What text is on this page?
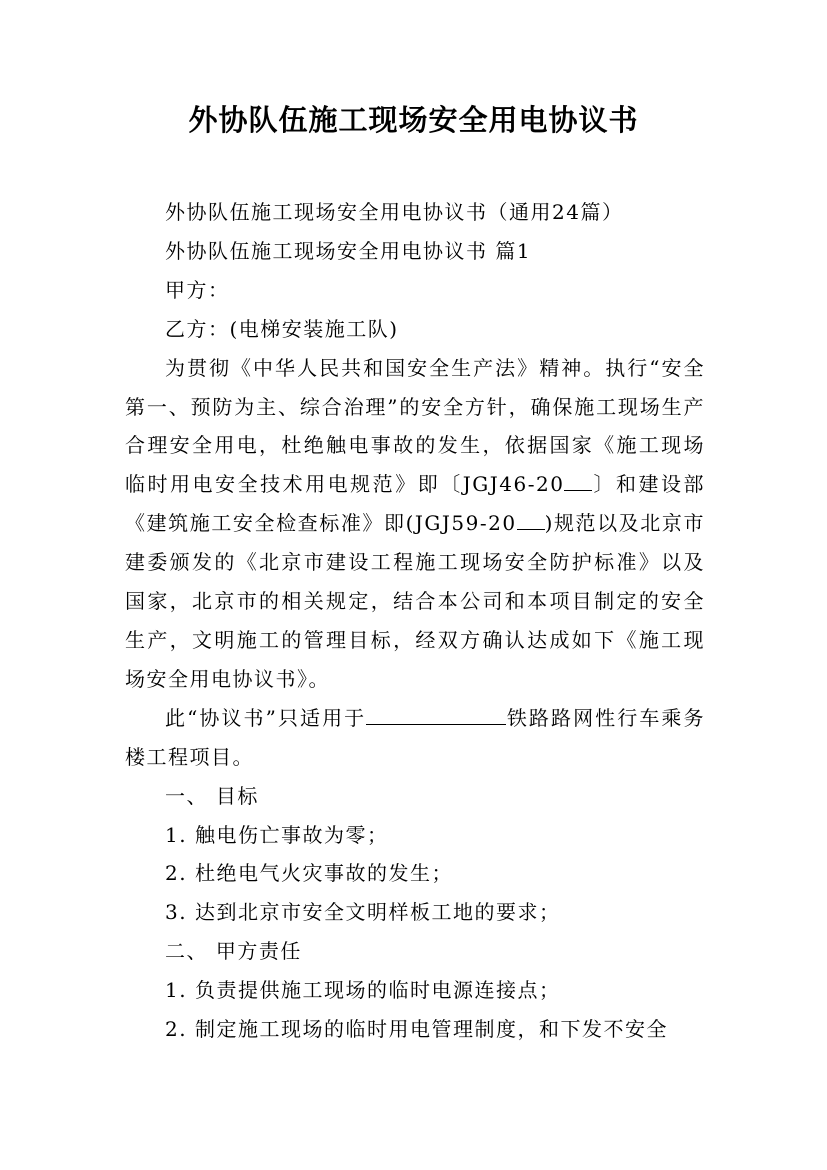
外协队伍施工现场安全用电协议书

外协队伍施工现场安全用电协议书（通用24篇）

外协队伍施工现场安全用电协议书 篇1

甲方：

乙方：(电梯安装施工队)

为贯彻《中华人民共和国安全生产法》精神。执行“安全第一、预防为主、综合治理”的安全方针，确保施工现场生产合理安全用电，杜绝触电事故的发生，依据国家《施工现场临时用电安全技术用电规范》即〔JGJ46-20 〕和建设部《建筑施工安全检查标准》即(JGJ59-20 )规范以及北京市建委颁发的《北京市建设工程施工现场安全防护标准》以及国家，北京市的相关规定，结合本公司和本项目制定的安全生产，文明施工的管理目标，经双方确认达成如下《施工现场安全用电协议书》。

此“协议书”只适用于	铁路路网性行车乘务楼工程项目。

一、 目标

1. 触电伤亡事故为零；

2. 杜绝电气火灾事故的发生；

3. 达到北京市安全文明样板工地的要求；

二、 甲方责任

1. 负责提供施工现场的临时电源连接点；

2. 制定施工现场的临时用电管理制度，和下发不安全
